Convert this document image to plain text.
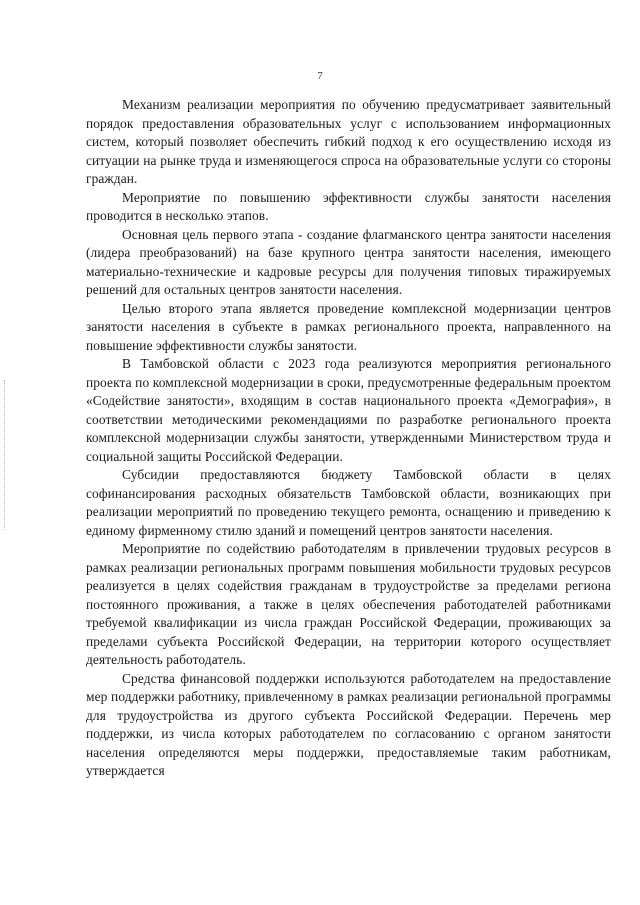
7

Механизм реализации мероприятия по обучению предусматривает заявительный порядок предоставления образовательных услуг с использованием информационных систем, который позволяет обеспечить гибкий подход к его осуществлению исходя из ситуации на рынке труда и изменяющегося спроса на образовательные услуги со стороны граждан.

Мероприятие по повышению эффективности службы занятости населения проводится в несколько этапов.

Основная цель первого этапа - создание флагманского центра занятости населения (лидера преобразований) на базе крупного центра занятости населения, имеющего материально-технические и кадровые ресурсы для получения типовых тиражируемых решений для остальных центров занятости населения.

Целью второго этапа является проведение комплексной модернизации центров занятости населения в субъекте в рамках регионального проекта, направленного на повышение эффективности службы занятости.

В Тамбовской области с 2023 года реализуются мероприятия регионального проекта по комплексной модернизации в сроки, предусмотренные федеральным проектом «Содействие занятости», входящим в состав национального проекта «Демография», в соответствии методическими рекомендациями по разработке регионального проекта комплексной модернизации службы занятости, утвержденными Министерством труда и социальной защиты Российской Федерации.

Субсидии предоставляются бюджету Тамбовской области в целях софинансирования расходных обязательств Тамбовской области, возникающих при реализации мероприятий по проведению текущего ремонта, оснащению и приведению к единому фирменному стилю зданий и помещений центров занятости населения.

Мероприятие по содействию работодателям в привлечении трудовых ресурсов в рамках реализации региональных программ повышения мобильности трудовых ресурсов реализуется в целях содействия гражданам в трудоустройстве за пределами региона постоянного проживания, а также в целях обеспечения работодателей работниками требуемой квалификации из числа граждан Российской Федерации, проживающих за пределами субъекта Российской Федерации, на территории которого осуществляет деятельность работодатель.

Средства финансовой поддержки используются работодателем на предоставление мер поддержки работнику, привлеченному в рамках реализации региональной программы для трудоустройства из другого субъекта Российской Федерации. Перечень мер поддержки, из числа которых работодателем по согласованию с органом занятости населения определяются меры поддержки, предоставляемые таким работникам, утверждается
